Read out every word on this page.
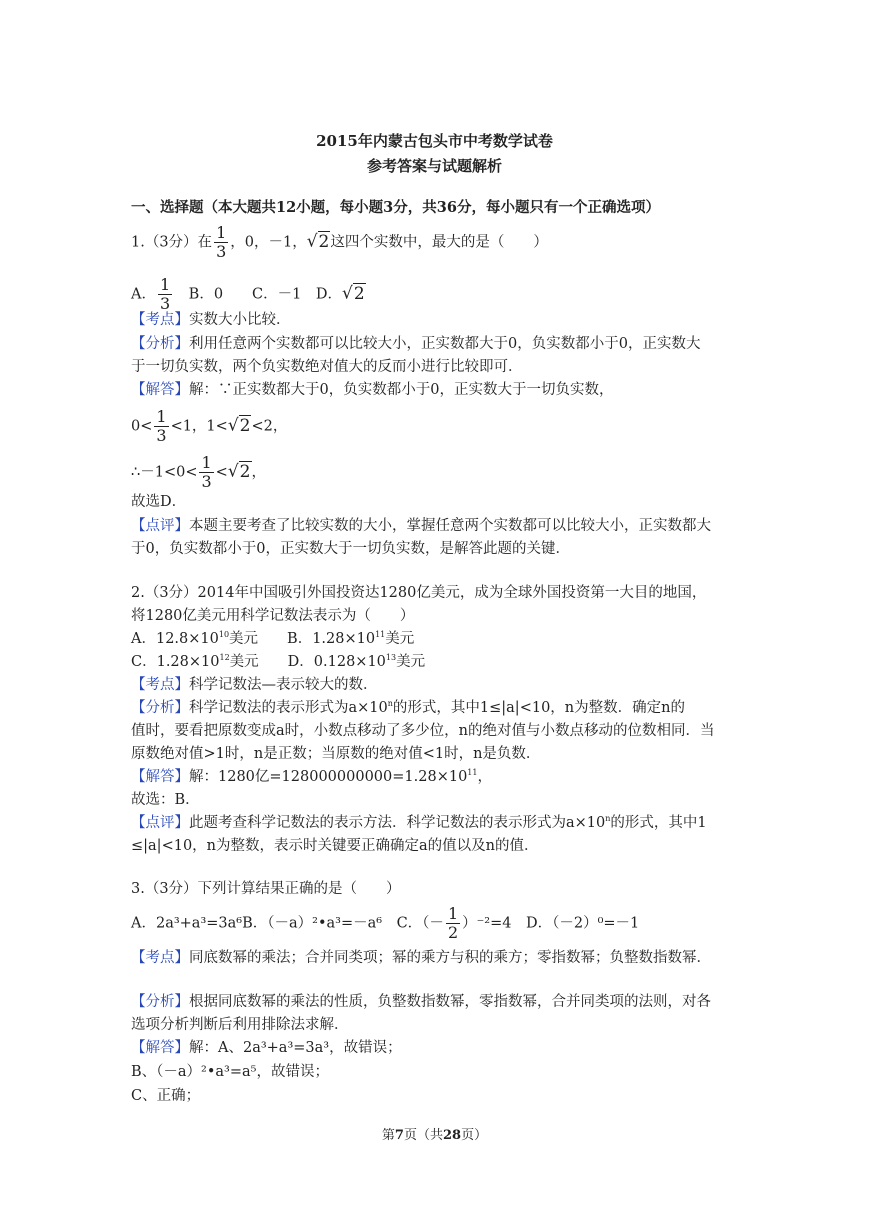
2015年内蒙古包头市中考数学试卷
参考答案与试题解析
一、选择题（本大题共12小题，每小题3分，共36分，每小题只有一个正确选项）
1.（3分）在 $\frac{1}{3}$ ，0，－1，√2这四个实数中，最大的是（　　）
A． $\frac{1}{3}$ 　B．0　　C．－1　D．√2
【考点】实数大小比较．
【分析】利用任意两个实数都可以比较大小，正实数都大于0，负实数都小于0，正实数大
于一切负实数，两个负实数绝对值大的反而小进行比较即可．
【解答】解：∵正实数都大于0，负实数都小于0，正实数大于一切负实数，
$0< \frac{1}{3} <1$，1<√2<2，
∴－1<0< $\frac{1}{3} <√2$，
故选D．
【点评】本题主要考查了比较实数的大小，掌握任意两个实数都可以比较大小，正实数都大
于0，负实数都小于0，正实数大于一切负实数，是解答此题的关键．
2.（3分）2014年中国吸引外国投资达1280亿美元，成为全球外国投资第一大目的地国，
将1280亿美元用科学记数法表示为（　　）
A．$12.8\times 10^{10}$美元　　B．$1.28\times 10^{11}$美元
C．$1.28\times 10^{12}$美元　　D．$0.128\times 10^{13}$美元
【考点】科学记数法—表示较大的数．
【分析】科学记数法的表示形式为$a\times 10^n$的形式，其中1≤|a|<10，n为整数．确定n的
值时，要看把原数变成a时，小数点移动了多少位，n的绝对值与小数点移动的位数相同．当
原数绝对值>1时，n是正数；当原数的绝对值<1时，n是负数．
【解答】解：1280亿$=128000000000=1.28\times 10^{11}$，
故选：B．
【点评】此题考查科学记数法的表示方法．科学记数法的表示形式为$a\times 10^n$的形式，其中1
≤|a|<10，n为整数，表示时关键要正确确定a的值以及n的值．
3.（3分）下列计算结果正确的是（　　）
A．2a³+a³=3a⁶B．（－a）²•a³=－a⁶　C．（－ $\frac{1}{2} )^{-2}=4$　D．（－2）⁰=－1
【考点】同底数幂的乘法；合并同类项；幂的乘方与积的乘方；零指数幂；负整数指数幂．
【分析】根据同底数幂的乘法的性质，负整数指数幂，零指数幂，合并同类项的法则，对各
选项分析判断后利用排除法求解．
【解答】解：A、2a³+a³=3a³，故错误；
B、（－a）²•a³=a⁵，故错误；
C、正确；
第7页（共28页）
